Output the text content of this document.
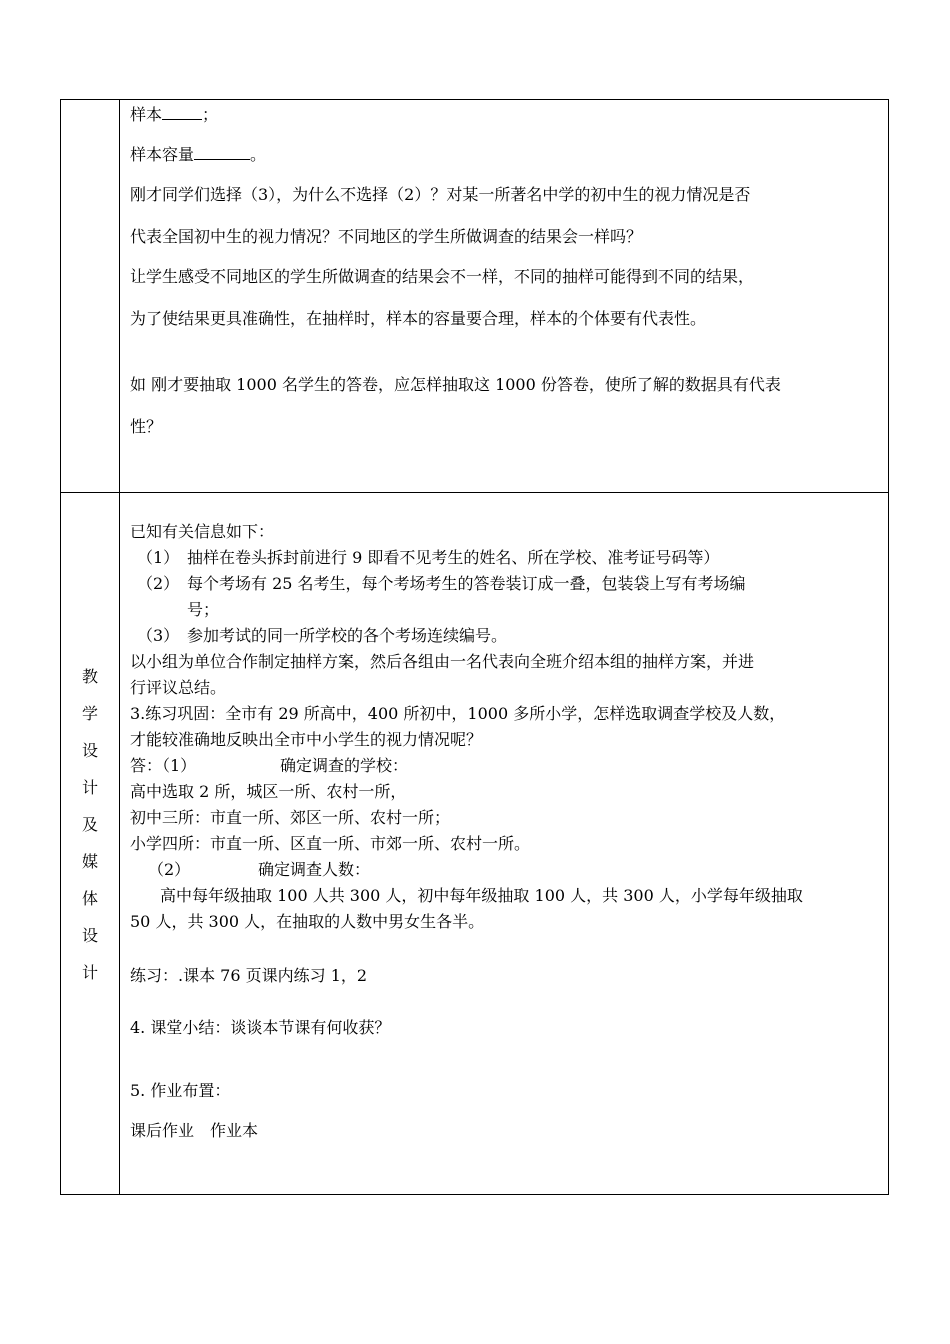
样本	；
样本容量	。
刚才同学们选择（3），为什么不选择（2）？对某一所著名中学的初中生的视力情况是否
代表全国初中生的视力情况？不同地区的学生所做调查的结果会一样吗？
让学生感受不同地区的学生所做调查的结果会不一样，不同的抽样可能得到不同的结果，
为了使结果更具准确性，在抽样时，样本的容量要合理，样本的个体要有代表性。
如 刚才要抽取 1000 名学生的答卷，应怎样抽取这 1000 份答卷，使所了解的数据具有代表
性？
教
学
设
计
及
媒
体
设
计
已知有关信息如下：
（1） 抽样在卷头拆封前进行 9 即看不见考生的姓名、所在学校、准考证号码等）
（2） 每个考场有 25 名考生，每个考场考生的答卷装订成一叠，包装袋上写有考场编
号；
（3） 参加考试的同一所学校的各个考场连续编号。
以小组为单位合作制定抽样方案，然后各组由一名代表向全班介绍本组的抽样方案，并进
行评议总结。
3.练习巩固：全市有 29 所高中，400 所初中，1000 多所小学，怎样选取调查学校及人数，
才能较准确地反映出全市中小学生的视力情况呢？
答：（1）	确定调查的学校：
高中选取 2 所，城区一所、农村一所，
初中三所：市直一所、郊区一所、农村一所；
小学四所：市直一所、区直一所、市郊一所、农村一所。
（2）	确定调查人数：
高中每年级抽取 100 人共 300 人，初中每年级抽取 100 人，共 300 人，小学每年级抽取
50 人，共 300 人，在抽取的人数中男女生各半。
练习：.课本 76 页课内练习 1，2
4. 课堂小结：谈谈本节课有何收获？
5. 作业布置：
课后作业　作业本
